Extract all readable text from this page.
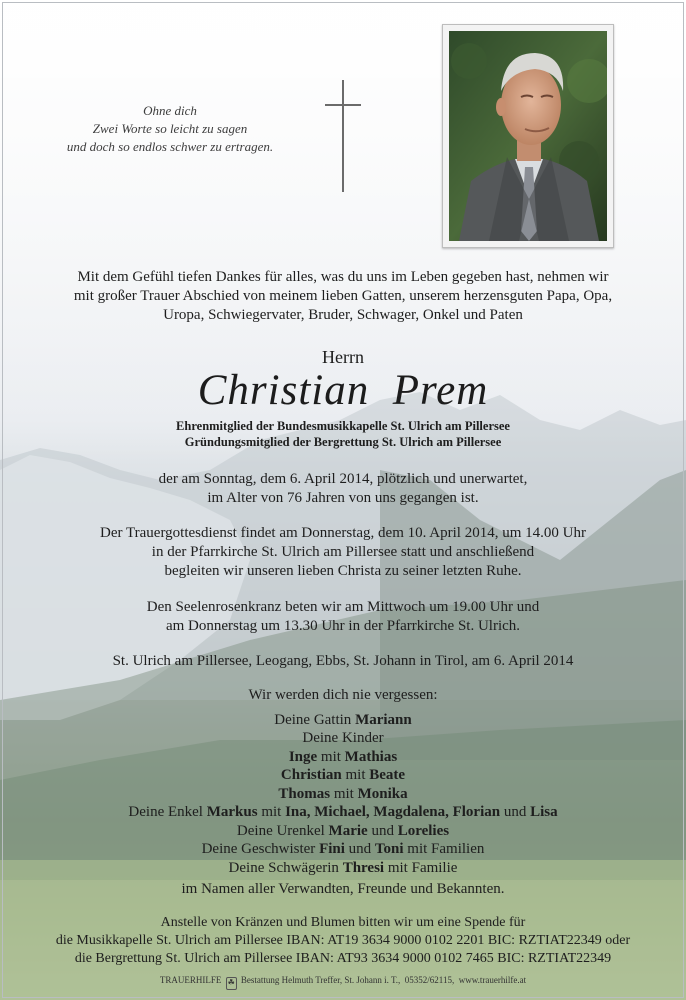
Ohne dich

Zwei Worte so leicht zu sagen

und doch so endlos schwer zu ertragen.

Mit dem Gefühl tiefen Dankes für alles, was du uns im Leben gegeben hast, nehmen wir

mit großer Trauer Abschied von meinem lieben Gatten, unserem herzensguten Papa, Opa,

Uropa, Schwiegervater, Bruder, Schwager, Onkel und Paten

Herrn
Christian  Prem

Ehrenmitglied der Bundesmusikkapelle St. Ulrich am Pillersee

Gründungsmitglied der Bergrettung St. Ulrich am Pillersee

der am Sonntag, dem 6. April 2014, plötzlich und unerwartet,

im Alter von 76 Jahren von uns gegangen ist.

Der Trauergottesdienst findet am Donnerstag, dem 10. April 2014, um 14.00 Uhr

in der Pfarrkirche St. Ulrich am Pillersee statt und anschließend

begleiten wir unseren lieben Christa zu seiner letzten Ruhe.

Den Seelenrosenkranz beten wir am Mittwoch um 19.00 Uhr und

am Donnerstag um 13.30 Uhr in der Pfarrkirche St. Ulrich.

St. Ulrich am Pillersee, Leogang, Ebbs, St. Johann in Tirol, am 6. April 2014

Wir werden dich nie vergessen:

Deine Gattin Mariann

Deine Kinder

Inge mit Mathias

Christian mit Beate

Thomas mit Monika

Deine Enkel Markus mit Ina, Michael, Magdalena, Florian und Lisa

Deine Urenkel Marie und Lorelies

Deine Geschwister Fini und Toni mit Familien

Deine Schwägerin Thresi mit Familie

im Namen aller Verwandten, Freunde und Bekannten.

Anstelle von Kränzen und Blumen bitten wir um eine Spende für

die Musikkapelle St. Ulrich am Pillersee IBAN: AT19 3634 9000 0102 2201 BIC: RZTIAT22349 oder

die Bergrettung St. Ulrich am Pillersee IBAN: AT93 3634 9000 0102 7465 BIC: RZTIAT22349

TRAUERHILFE ☘ Bestattung Helmuth Treffer, St. Johann i. T.,  05352/62115,  www.trauerhilfe.at
